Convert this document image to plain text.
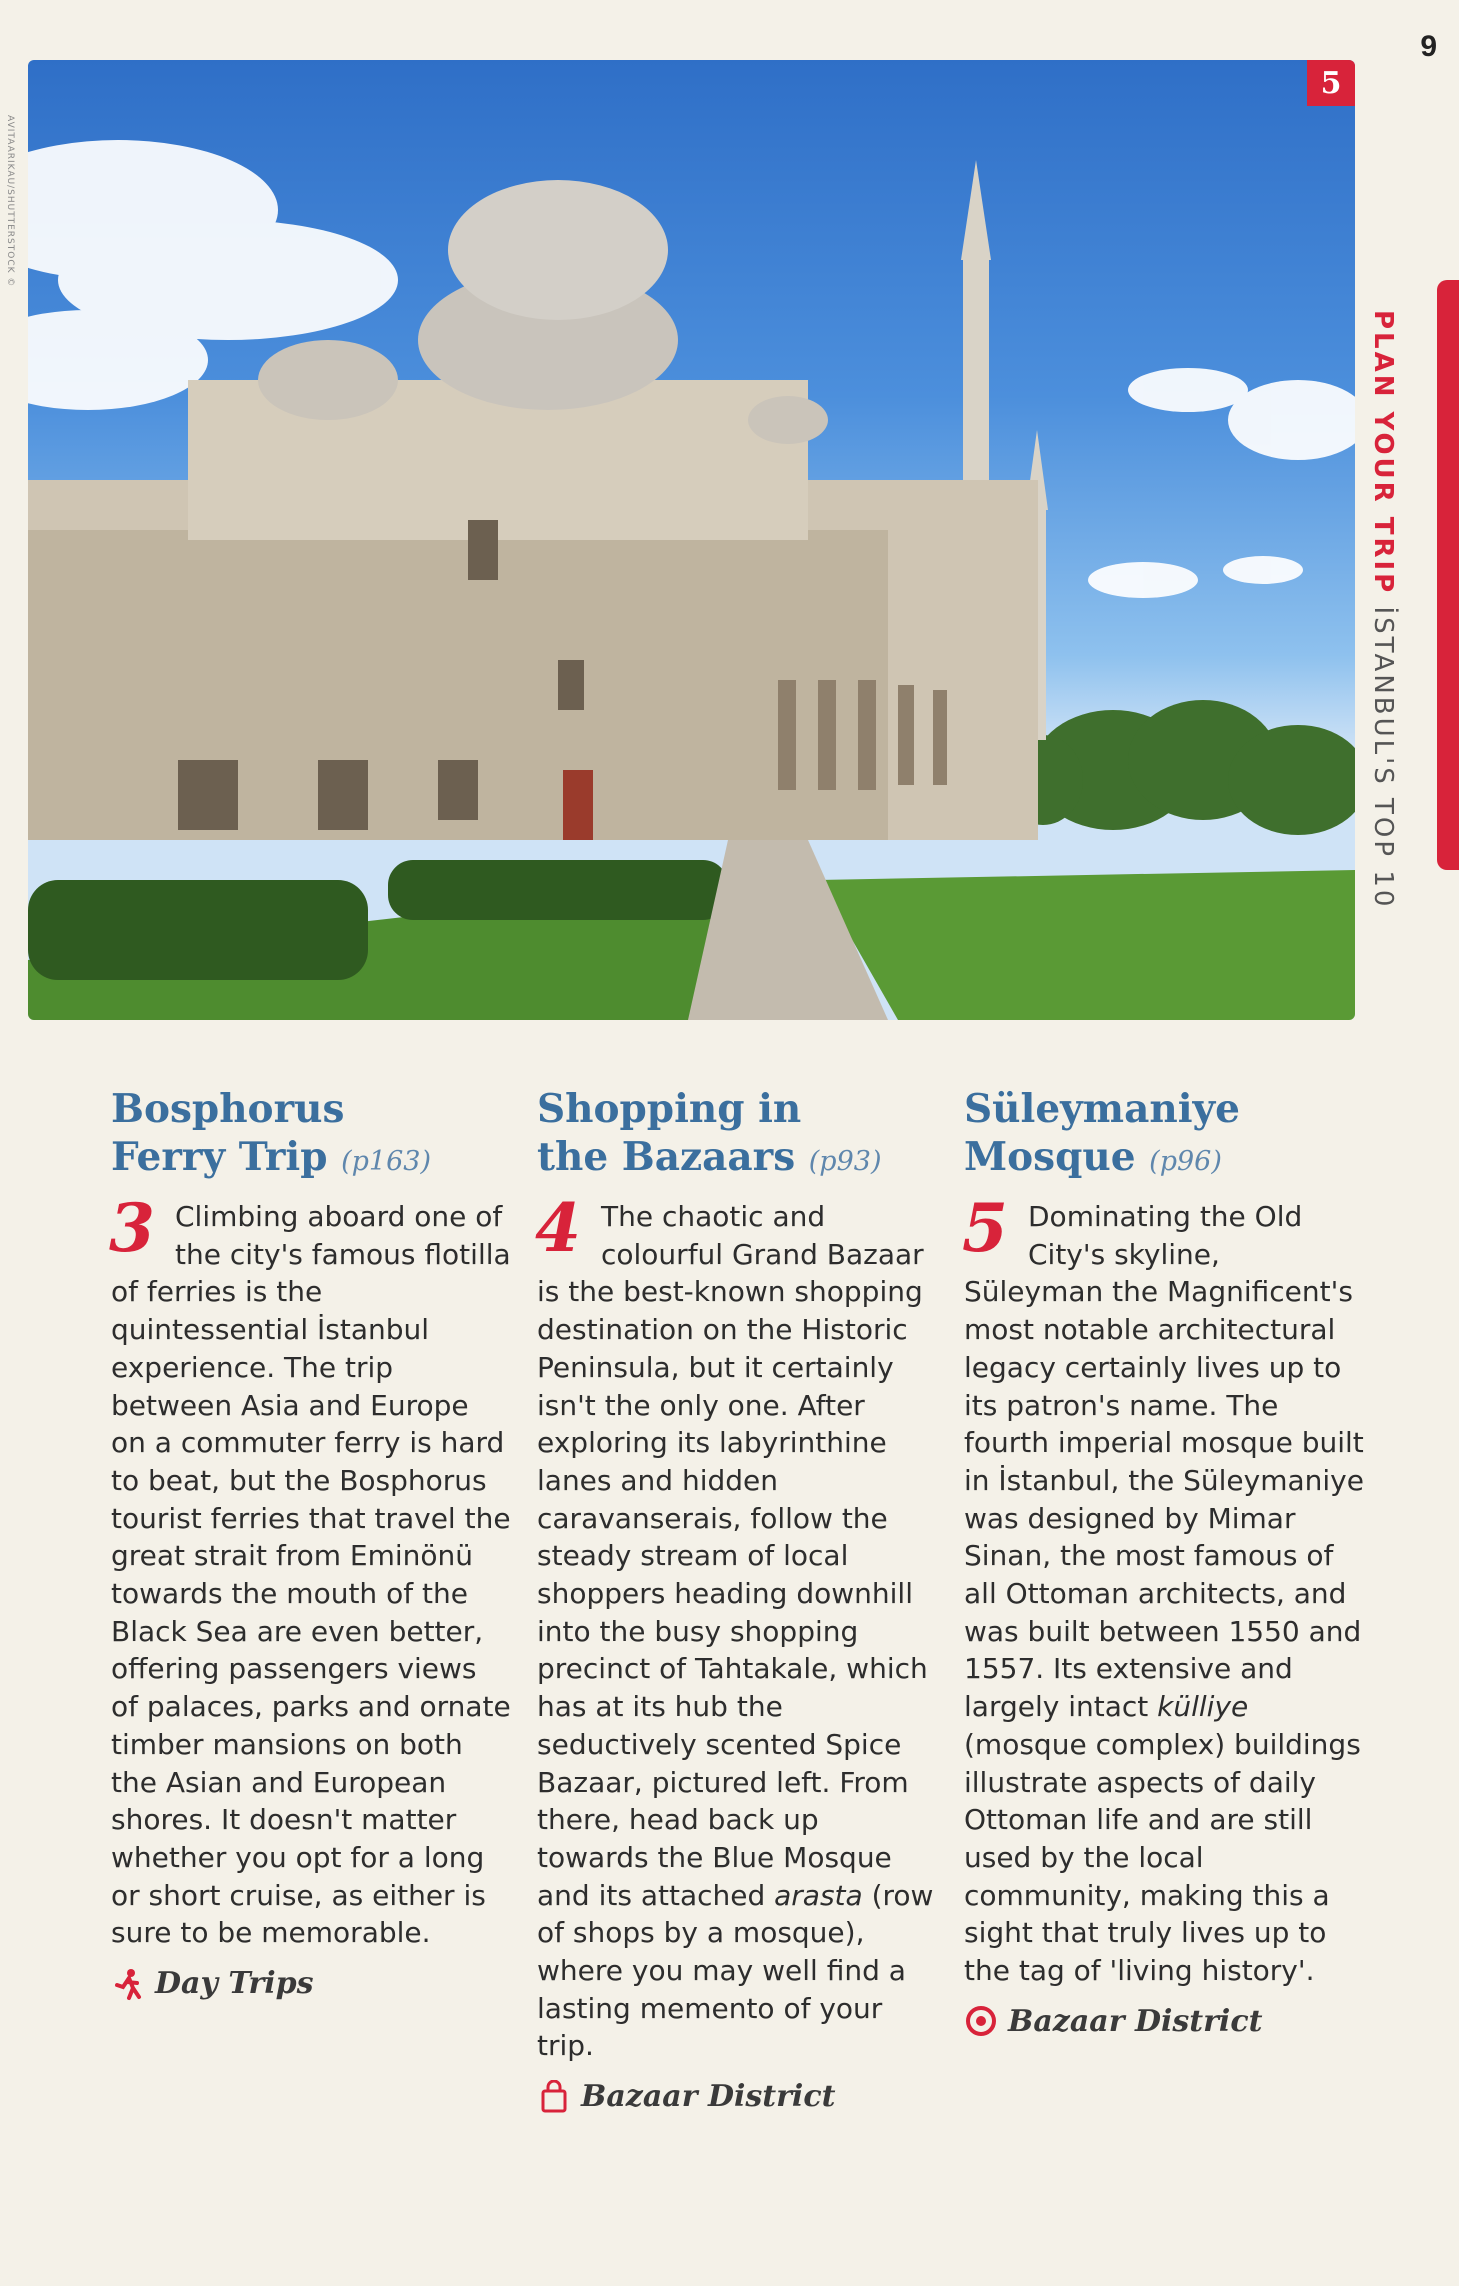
9
AVITAARIKAU/SHUTTERSTOCK ©
5
PLAN YOUR TRIP İSTANBUL'S TOP 10
Bosphorus
Ferry Trip (p163)

3 Climbing aboard one of the city's famous flotilla of ferries is the quintessential İstanbul experience. The trip between Asia and Europe on a commuter ferry is hard to beat, but the Bosphorus tourist ferries that travel the great strait from Eminönü towards the mouth of the Black Sea are even better, offering passengers views of palaces, parks and ornate timber mansions on both the Asian and European shores. It doesn't matter whether you opt for a long or short cruise, as either is sure to be memorable.

Day Trips
Shopping in
the Bazaars (p93)

4 The chaotic and colourful Grand Bazaar is the best-known shopping destination on the Historic Peninsula, but it certainly isn't the only one. After exploring its labyrinthine lanes and hidden caravanserais, follow the steady stream of local shoppers heading downhill into the busy shopping precinct of Tahtakale, which has at its hub the seductively scented Spice Bazaar, pictured left. From there, head back up towards the Blue Mosque and its attached arasta (row of shops by a mosque), where you may well find a lasting memento of your trip.

Bazaar District
Süleymaniye
Mosque (p96)

5 Dominating the Old City's skyline, Süleyman the Magnificent's most notable architectural legacy certainly lives up to its patron's name. The fourth imperial mosque built in İstanbul, the Süleymaniye was designed by Mimar Sinan, the most famous of all Ottoman architects, and was built between 1550 and 1557. Its extensive and largely intact külliye (mosque complex) buildings illustrate aspects of daily Ottoman life and are still used by the local community, making this a sight that truly lives up to the tag of 'living history'.

Bazaar District
